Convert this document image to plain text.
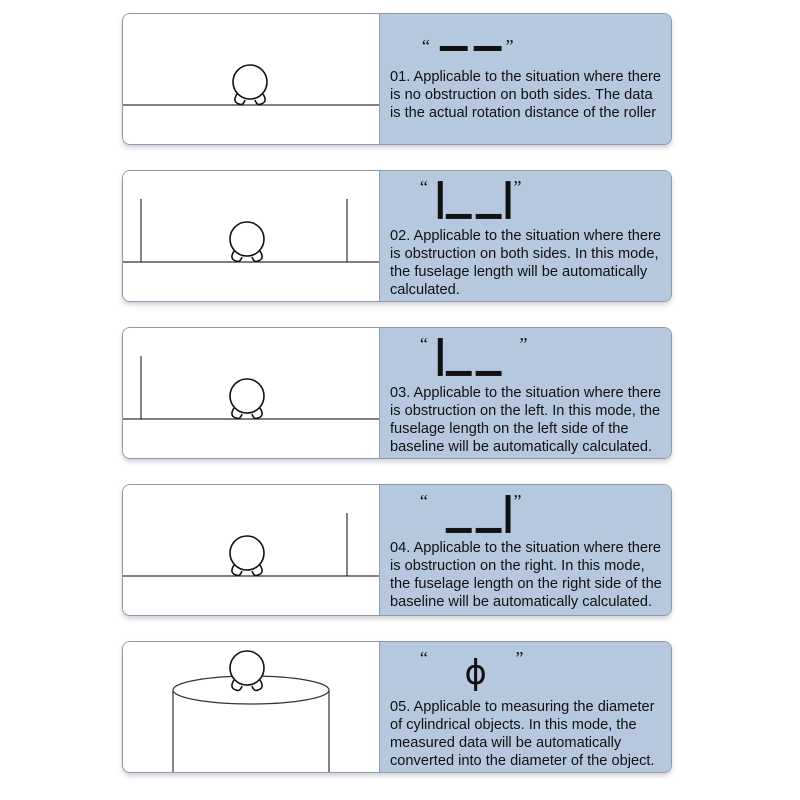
“	”

01. Applicable to the situation where there is no obstruction on both sides. The data is the actual rotation distance of the roller

“	”

02. Applicable to the situation where there is obstruction on both sides. In this mode, the fuselage length will be automatically calculated.

“	”

03. Applicable to the situation where there is obstruction on the left. In this mode, the fuselage length on the left side of the baseline will be automatically calculated.

“	”

04. Applicable to the situation where there is obstruction on the right. In this mode, the fuselage length on the right side of the baseline will be automatically calculated.

“ ɸ ”

05. Applicable to measuring the diameter of cylindrical objects. In this mode, the measured data will be automatically converted into the diameter of the object.
